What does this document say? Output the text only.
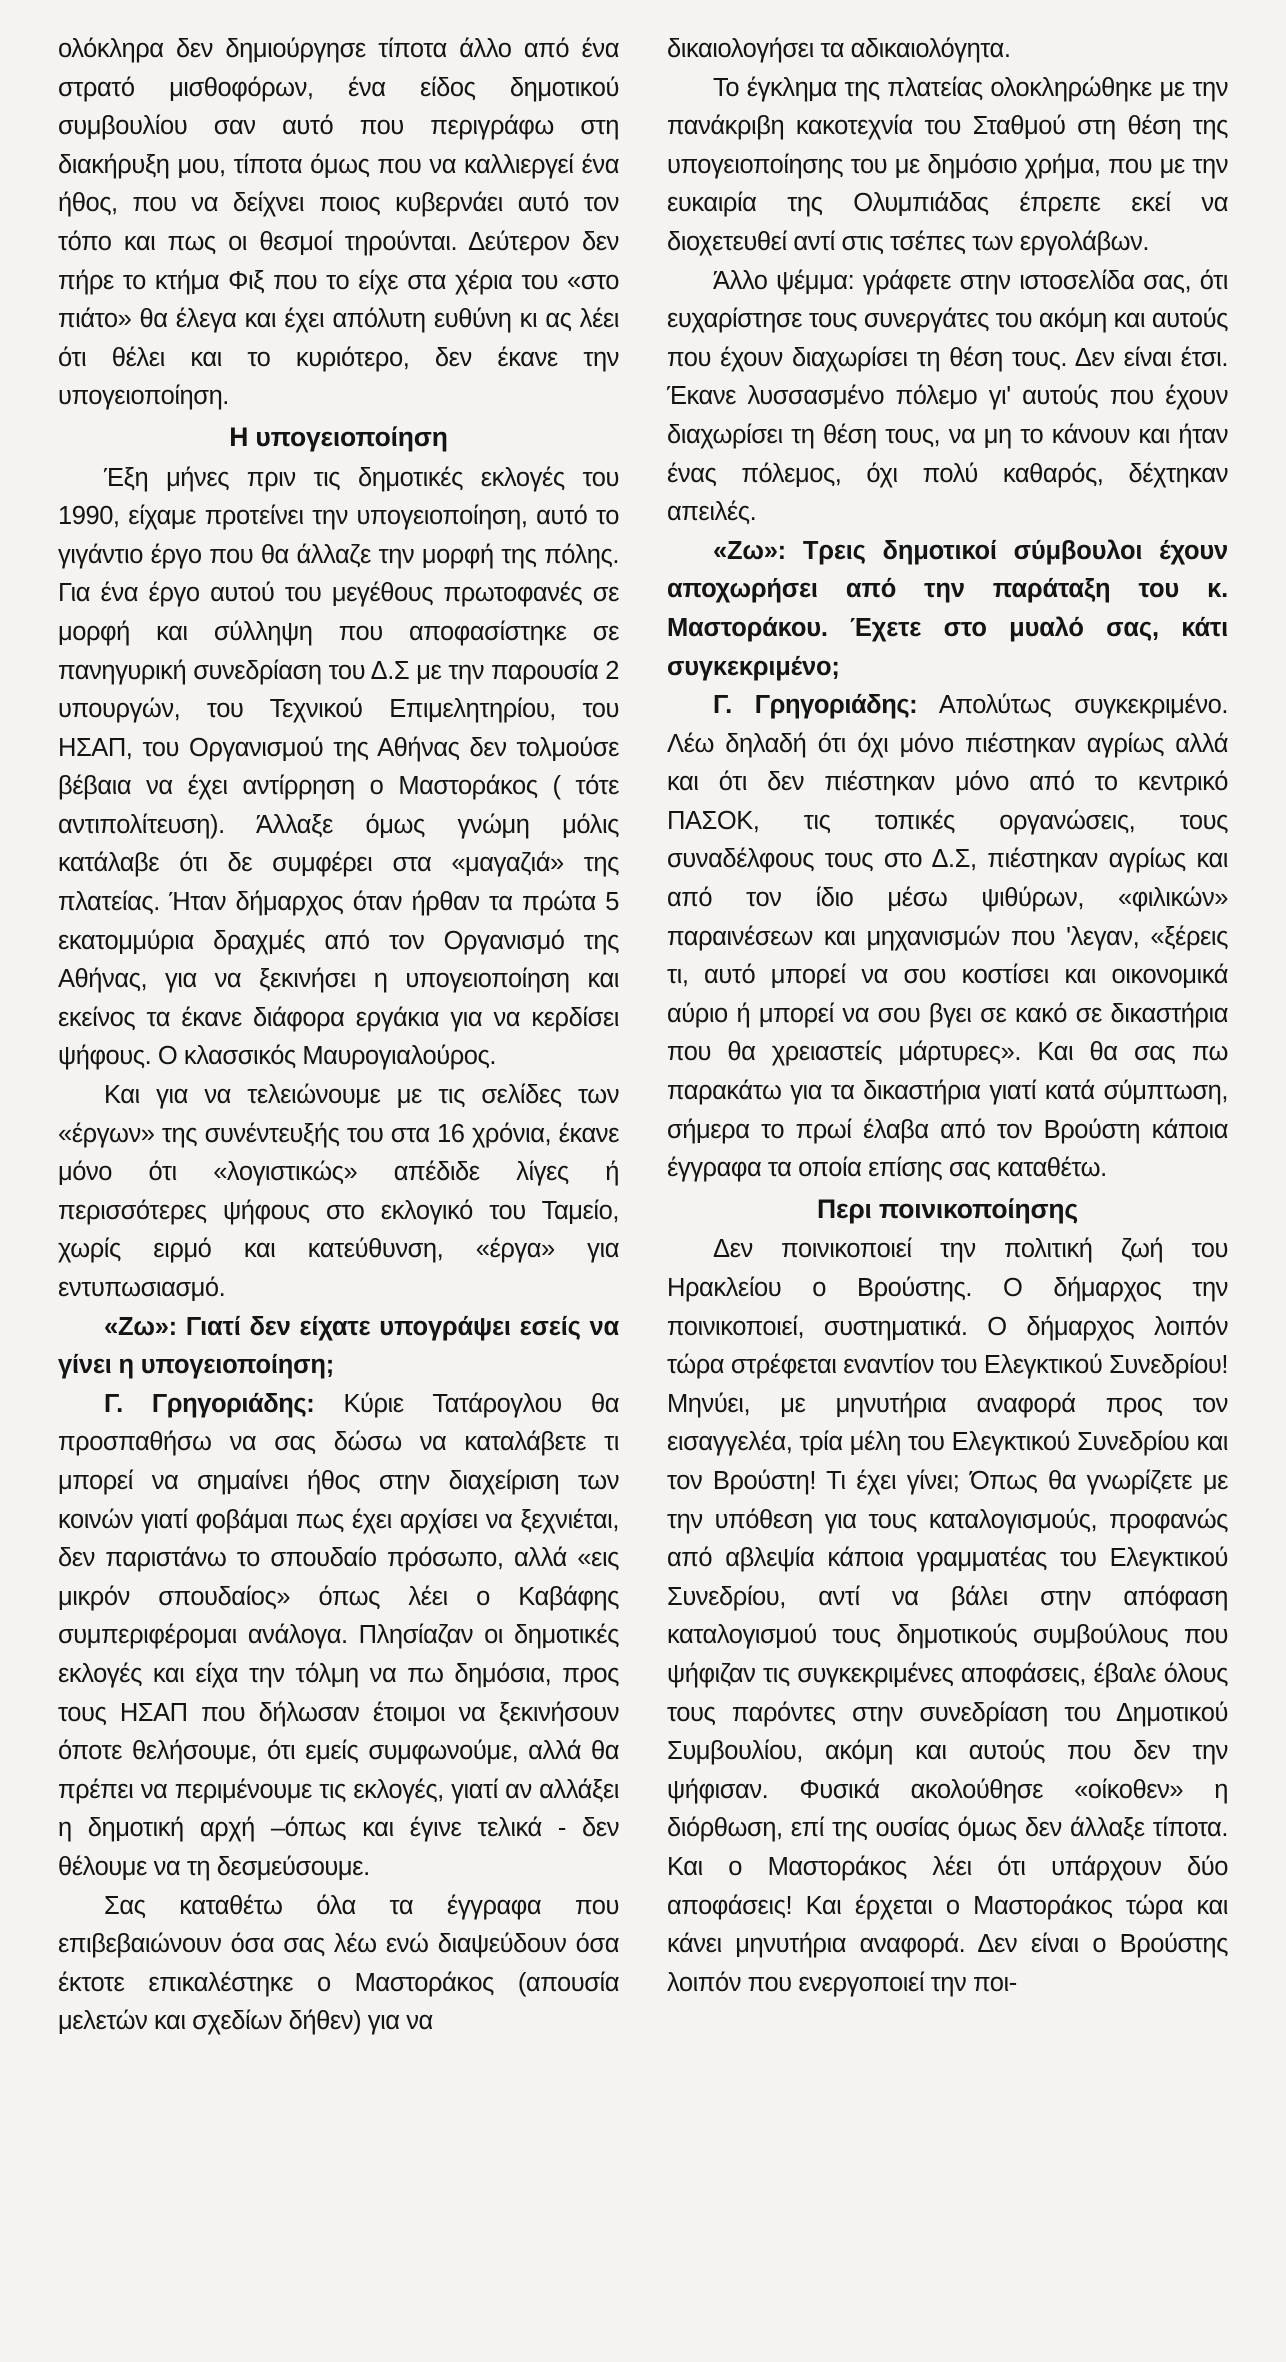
ολόκληρα δεν δημιούργησε τίποτα άλλο από ένα στρατό μισθοφόρων, ένα είδος δημοτικού συμβουλίου σαν αυτό που περιγράφω στη διακήρυξη μου, τίποτα όμως που να καλλιεργεί ένα ήθος, που να δείχνει ποιος κυβερνάει αυτό τον τόπο και πως οι θεσμοί τηρούνται. Δεύτερον δεν πήρε το κτήμα Φιξ που το είχε στα χέρια του «στο πιάτο» θα έλεγα και έχει απόλυτη ευθύνη κι ας λέει ότι θέλει και το κυριότερο, δεν έκανε την υπογειοποίηση.

Η υπογειοποίηση

Έξη μήνες πριν τις δημοτικές εκλογές του 1990, είχαμε προτείνει την υπογειοποίηση, αυτό το γιγάντιο έργο που θα άλλαζε την μορφή της πόλης. Για ένα έργο αυτού του μεγέθους πρωτοφανές σε μορφή και σύλληψη που αποφασίστηκε σε πανηγυρική συνεδρίαση του Δ.Σ με την παρουσία 2 υπουργών, του Τεχνικού Επιμελητηρίου, του ΗΣΑΠ, του Οργανισμού της Αθήνας δεν τολμούσε βέβαια να έχει αντίρρηση ο Μαστοράκος ( τότε αντιπολίτευση). Άλλαξε όμως γνώμη μόλις κατάλαβε ότι δε συμφέρει στα «μαγαζιά» της πλατείας. Ήταν δήμαρχος όταν ήρθαν τα πρώτα 5 εκατομμύρια δραχμές από τον Οργανισμό της Αθήνας, για να ξεκινήσει η υπογειοποίηση και εκείνος τα έκανε διάφορα εργάκια για να κερδίσει ψήφους. Ο κλασσικός Μαυρογιαλούρος.

Και για να τελειώνουμε με τις σελίδες των «έργων» της συνέντευξής του στα 16 χρόνια, έκανε μόνο ότι «λογιστικώς» απέδιδε λίγες ή περισσότερες ψήφους στο εκλογικό του Ταμείο, χωρίς ειρμό και κατεύθυνση, «έργα» για εντυπωσιασμό.

«Ζω»: Γιατί δεν είχατε υπογράψει εσείς να γίνει η υπογειοποίηση;

Γ. Γρηγοριάδης: Κύριε Τατάρογλου θα προσπαθήσω να σας δώσω να καταλάβετε τι μπορεί να σημαίνει ήθος στην διαχείριση των κοινών γιατί φοβάμαι πως έχει αρχίσει να ξεχνιέται, δεν παριστάνω το σπουδαίο πρόσωπο, αλλά «εις μικρόν σπουδαίος» όπως λέει ο Καβάφης συμπεριφέρομαι ανάλογα. Πλησίαζαν οι δημοτικές εκλογές και είχα την τόλμη να πω δημόσια, προς τους ΗΣΑΠ που δήλωσαν έτοιμοι να ξεκινήσουν όποτε θελήσουμε, ότι εμείς συμφωνούμε, αλλά θα πρέπει να περιμένουμε τις εκλογές, γιατί αν αλλάξει η δημοτική αρχή –όπως και έγινε τελικά - δεν θέλουμε να τη δεσμεύσουμε.

Σας καταθέτω όλα τα έγγραφα που επιβεβαιώνουν όσα σας λέω ενώ διαψεύδουν όσα έκτοτε επικαλέστηκε ο Μαστοράκος (απουσία μελετών και σχεδίων δήθεν) για να

δικαιολογήσει τα αδικαιολόγητα.

Το έγκλημα της πλατείας ολοκληρώθηκε με την πανάκριβη κακοτεχνία του Σταθμού στη θέση της υπογειοποίησης του με δημόσιο χρήμα, που με την ευκαιρία της Ολυμπιάδας έπρεπε εκεί να διοχετευθεί αντί στις τσέπες των εργολάβων.

Άλλο ψέμμα: γράφετε στην ιστοσελίδα σας, ότι ευχαρίστησε τους συνεργάτες του ακόμη και αυτούς που έχουν διαχωρίσει τη θέση τους. Δεν είναι έτσι. Έκανε λυσσασμένο πόλεμο γι' αυτούς που έχουν διαχωρίσει τη θέση τους, να μη το κάνουν και ήταν ένας πόλεμος, όχι πολύ καθαρός, δέχτηκαν απειλές.

«Ζω»: Τρεις δημοτικοί σύμβουλοι έχουν αποχωρήσει από την παράταξη του κ. Μαστοράκου. Έχετε στο μυαλό σας, κάτι συγκεκριμένο;

Γ. Γρηγοριάδης: Απολύτως συγκεκριμένο. Λέω δηλαδή ότι όχι μόνο πιέστηκαν αγρίως αλλά και ότι δεν πιέστηκαν μόνο από το κεντρικό ΠΑΣΟΚ, τις τοπικές οργανώσεις, τους συναδέλφους τους στο Δ.Σ, πιέστηκαν αγρίως και από τον ίδιο μέσω ψιθύρων, «φιλικών» παραινέσεων και μηχανισμών που 'λεγαν, «ξέρεις τι, αυτό μπορεί να σου κοστίσει και οικονομικά αύριο ή μπορεί να σου βγει σε κακό σε δικαστήρια που θα χρειαστείς μάρτυρες». Και θα σας πω παρακάτω για τα δικαστήρια γιατί κατά σύμπτωση, σήμερα το πρωί έλαβα από τον Βρούστη κάποια έγγραφα τα οποία επίσης σας καταθέτω.

Περι ποινικοποίησης

Δεν ποινικοποιεί την πολιτική ζωή του Ηρακλείου ο Βρούστης. Ο δήμαρχος την ποινικοποιεί, συστηματικά. Ο δήμαρχος λοιπόν τώρα στρέφεται εναντίον του Ελεγκτικού Συνεδρίου! Μηνύει, με μηνυτήρια αναφορά προς τον εισαγγελέα, τρία μέλη του Ελεγκτικού Συνεδρίου και τον Βρούστη! Τι έχει γίνει; Όπως θα γνωρίζετε με την υπόθεση για τους καταλογισμούς, προφανώς από αβλεψία κάποια γραμματέας του Ελεγκτικού Συνεδρίου, αντί να βάλει στην απόφαση καταλογισμού τους δημοτικούς συμβούλους που ψήφιζαν τις συγκεκριμένες αποφάσεις, έβαλε όλους τους παρόντες στην συνεδρίαση του Δημοτικού Συμβουλίου, ακόμη και αυτούς που δεν την ψήφισαν. Φυσικά ακολούθησε «οίκοθεν» η διόρθωση, επί της ουσίας όμως δεν άλλαξε τίποτα. Και ο Μαστοράκος λέει ότι υπάρχουν δύο αποφάσεις! Και έρχεται ο Μαστοράκος τώρα και κάνει μηνυτήρια αναφορά. Δεν είναι ο Βρούστης λοιπόν που ενεργοποιεί την ποι-
